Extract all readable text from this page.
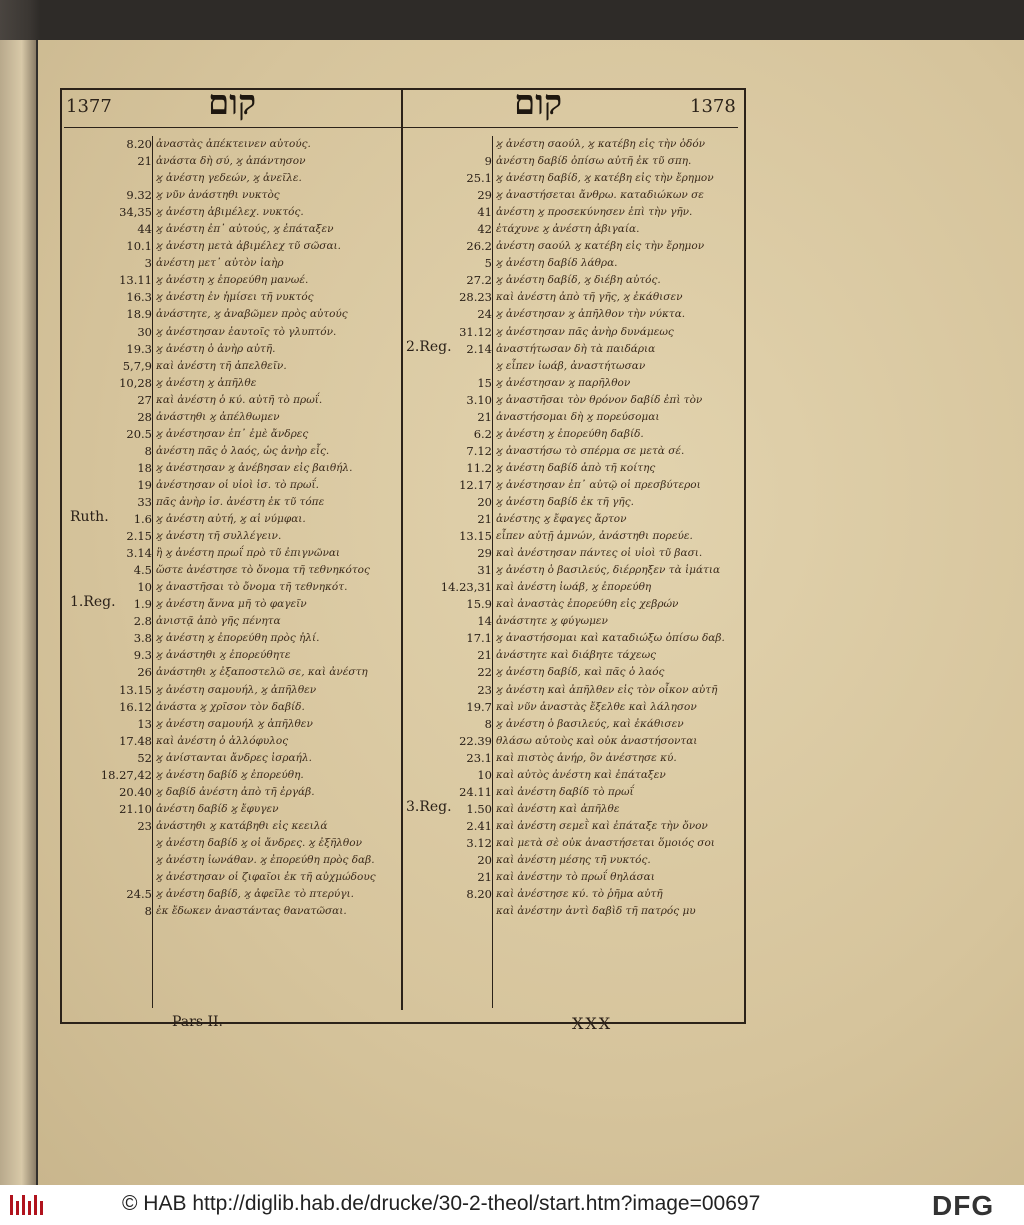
1377	קום	קום	1378
8.20 ἀναστὰς ἀπέκτεινεν αὐτούς.
21 ἀνάστα δὴ σύ, ϗ ἀπάντησον
ϗ ἀνέστη γεδεών, ϗ ἀνεῖλε.
9.32 ϗ νῦν ἀνάστηθι νυκτὸς
34,35 ϗ ἀνέστη ἀβιμέλεχ. νυκτός.
44 ϗ ἀνέστη ἐπ᾽ αὐτούς, ϗ ἐπάταξεν
10.1 ϗ ἀνέστη μετὰ ἀβιμέλεχ τῦ σῶσαι.
3 ἀνέστη μετ᾽ αὐτὸν ἰαὴρ
13.11 ϗ ἀνέστη ϗ ἐπορεύθη μανωέ.
16.3 ϗ ἀνέστη ἐν ἡμίσει τῆ νυκτός
18.9 ἀνάστητε, ϗ ἀναβῶμεν πρὸς αὐτούς
30 ϗ ἀνέστησαν ἑαυτοῖς τὸ γλυπτόν.
19.3 ϗ ἀνέστη ὁ ἀνὴρ αὐτῆ.
5,7,9 καὶ ἀνέστη τῆ ἀπελθεῖν.
10,28 ϗ ἀνέστη ϗ ἀπῆλθε
27 καὶ ἀνέστη ὁ κύ. αὐτῆ τὸ πρωΐ.
28 ἀνάστηθι ϗ ἀπέλθωμεν
20.5 ϗ ἀνέστησαν ἐπ᾽ ἐμὲ ἄνδρες
8 ἀνέστη πᾶς ὁ λαός, ὡς ἀνὴρ εἷς.
18 ϗ ἀνέστησαν ϗ ἀνέβησαν εἰς βαιθήλ.
19 ἀνέστησαν οἱ υἱοὶ ἰσ. τὸ πρωΐ.
33 πᾶς ἀνὴρ ἰσ. ἀνέστη ἐκ τῦ τόπε
1.6 ϗ ἀνέστη αὐτή, ϗ αἱ νύμφαι.
2.15 ϗ ἀνέστη τῆ συλλέγειν.
3.14 ἢ ϗ ἀνέστη πρωΐ πρὸ τῦ ἐπιγνῶναι
4.5 ὥστε ἀνέστησε τὸ ὄνομα τῆ τεθνηκότος
10 ϗ ἀναστῆσαι τὸ ὄνομα τῆ τεθνηκότ.
1.9 ϗ ἀνέστη ἄννα μῆ τὸ φαγεῖν
2.8 ἀνιστᾷ ἀπὸ γῆς πένητα
3.8 ϗ ἀνέστη ϗ ἐπορεύθη πρὸς ἠλί.
9.3 ϗ ἀνάστηθι ϗ ἐπορεύθητε
26 ἀνάστηθι ϗ ἐξαποστελῶ σε, καὶ ἀνέστη
13.15 ϗ ἀνέστη σαμουήλ, ϗ ἀπῆλθεν
16.12 ἀνάστα ϗ χρῖσον τὸν δαβίδ.
13 ϗ ἀνέστη σαμουήλ ϗ ἀπῆλθεν
17.48 καὶ ἀνέστη ὁ ἀλλόφυλος
52 ϗ ἀνίστανται ἄνδρες ἰσραήλ.
18.27,42 ϗ ἀνέστη δαβίδ ϗ ἐπορεύθη.
20.40 ϗ δαβίδ ἀνέστη ἀπὸ τῆ ἐργάβ.
21.10 ἀνέστη δαβίδ ϗ ἔφυγεν
23 ἀνάστηθι ϗ κατάβηθι εἰς κεειλά
ϗ ἀνέστη δαβίδ ϗ οἱ ἄνδρες. ϗ ἐξῆλθον
ϗ ἀνέστη ἰωνάθαν. ϗ ἐπορεύθη πρὸς δαβ.
ϗ ἀνέστησαν οἱ ζιφαῖοι ἐκ τῆ αὐχμώδους
24.5 ϗ ἀνέστη δαβίδ, ϗ ἀφεῖλε τὸ πτερύγι.
8 ἐκ ἔδωκεν ἀναστάντας θανατῶσαι.
Ruth.
1.Reg.
ϗ ἀνέστη σαούλ, ϗ κατέβη εἰς τὴν ὁδόν
9 ἀνέστη δαβίδ ὀπίσω αὐτῆ ἐκ τῦ σπη.
25.1 ϗ ἀνέστη δαβίδ, ϗ κατέβη εἰς τὴν ἔρημον
29 ϗ ἀναστήσεται ἄνθρω. καταδιώκων σε
41 ἀνέστη ϗ προσεκύνησεν ἐπὶ τὴν γῆν.
42 ἐτάχυνε ϗ ἀνέστη ἀβιγαία.
26.2 ἀνέστη σαούλ ϗ κατέβη εἰς τὴν ἔρημον
5 ϗ ἀνέστη δαβίδ λάθρα.
27.2 ϗ ἀνέστη δαβίδ, ϗ διέβη αὐτός.
28.23 καὶ ἀνέστη ἀπὸ τῆ γῆς, ϗ ἐκάθισεν
24 ϗ ἀνέστησαν ϗ ἀπῆλθον τὴν νύκτα.
31.12 ϗ ἀνέστησαν πᾶς ἀνὴρ δυνάμεως
2.14 ἀναστήτωσαν δὴ τὰ παιδάρια
ϗ εἶπεν ἰωάβ, ἀναστήτωσαν
15 ϗ ἀνέστησαν ϗ παρῆλθον
3.10 ϗ ἀναστῆσαι τὸν θρόνον δαβίδ ἐπὶ τὸν
21 ἀναστήσομαι δὴ ϗ πορεύσομαι
6.2 ϗ ἀνέστη ϗ ἐπορεύθη δαβίδ.
7.12 ϗ ἀναστήσω τὸ σπέρμα σε μετὰ σέ.
11.2 ϗ ἀνέστη δαβίδ ἀπὸ τῆ κοίτης
12.17 ϗ ἀνέστησαν ἐπ᾽ αὐτῷ οἱ πρεσβύτεροι
20 ϗ ἀνέστη δαβίδ ἐκ τῆ γῆς.
21 ἀνέστης ϗ ἔφαγες ἄρτον
13.15 εἶπεν αὐτῇ ἀμνών, ἀνάστηθι πορεύε.
29 καὶ ἀνέστησαν πάντες οἱ υἱοὶ τῦ βασι.
31 ϗ ἀνέστη ὁ βασιλεύς, διέρρηξεν τὰ ἱμάτια
14.23,31 καὶ ἀνέστη ἰωάβ, ϗ ἐπορεύθη
15.9 καὶ ἀναστὰς ἐπορεύθη εἰς χεβρών
14 ἀνάστητε ϗ φύγωμεν
17.1 ϗ ἀναστήσομαι καὶ καταδιώξω ὀπίσω δαβ.
21 ἀνάστητε καὶ διάβητε τάχεως
22 ϗ ἀνέστη δαβίδ, καὶ πᾶς ὁ λαός
23 ϗ ἀνέστη καὶ ἀπῆλθεν εἰς τὸν οἶκον αὐτῆ
19.7 καὶ νῦν ἀναστὰς ἔξελθε καὶ λάλησον
8 ϗ ἀνέστη ὁ βασιλεύς, καὶ ἐκάθισεν
22.39 θλάσω αὐτοὺς καὶ οὐκ ἀναστήσονται
23.1 καὶ πιστὸς ἀνήρ, ὃν ἀνέστησε κύ.
10 καὶ αὐτὸς ἀνέστη καὶ ἐπάταξεν
24.11 καὶ ἀνέστη δαβίδ τὸ πρωΐ
1.50 καὶ ἀνέστη καὶ ἀπῆλθε
2.41 καὶ ἀνέστη σεμεῒ καὶ ἐπάταξε τὴν ὄνον
3.12 καὶ μετὰ σὲ οὐκ ἀναστήσεται ὅμοιός σοι
20 καὶ ἀνέστη μέσης τῆ νυκτός.
21 καὶ ἀνέστην τὸ πρωΐ θηλάσαι
8.20 καὶ ἀνέστησε κύ. τὸ ῥῆμα αὐτῆ
καὶ ἀνέστην ἀντὶ δαβὶδ τῆ πατρός μυ
2.Reg.
3.Reg.
Pars II.	XXX
© HAB http://diglib.hab.de/drucke/30-2-theol/start.htm?image=00697	DFG
